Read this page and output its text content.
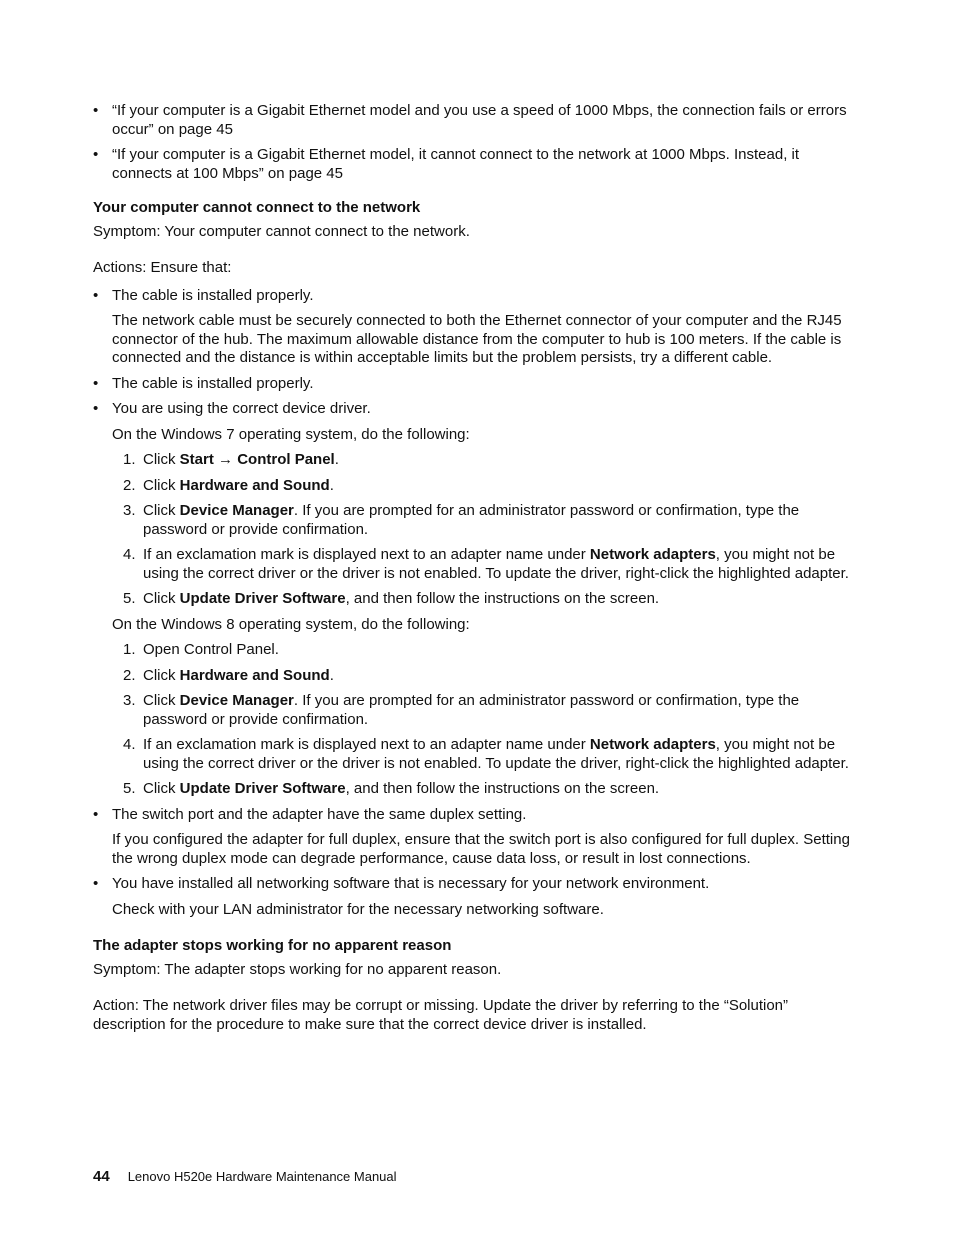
• “If your computer is a Gigabit Ethernet model and you use a speed of 1000 Mbps, the connection fails or errors occur” on page 45
• “If your computer is a Gigabit Ethernet model, it cannot connect to the network at 1000 Mbps. Instead, it connects at 100 Mbps” on page 45
Your computer cannot connect to the network
Symptom: Your computer cannot connect to the network.
Actions: Ensure that:
• The cable is installed properly.
The network cable must be securely connected to both the Ethernet connector of your computer and the RJ45 connector of the hub. The maximum allowable distance from the computer to hub is 100 meters. If the cable is connected and the distance is within acceptable limits but the problem persists, try a different cable.
• The cable is installed properly.
• You are using the correct device driver.
On the Windows 7 operating system, do the following:
1. Click Start → Control Panel.
2. Click Hardware and Sound.
3. Click Device Manager. If you are prompted for an administrator password or confirmation, type the password or provide confirmation.
4. If an exclamation mark is displayed next to an adapter name under Network adapters, you might not be using the correct driver or the driver is not enabled. To update the driver, right-click the highlighted adapter.
5. Click Update Driver Software, and then follow the instructions on the screen.
On the Windows 8 operating system, do the following:
1. Open Control Panel.
2. Click Hardware and Sound.
3. Click Device Manager. If you are prompted for an administrator password or confirmation, type the password or provide confirmation.
4. If an exclamation mark is displayed next to an adapter name under Network adapters, you might not be using the correct driver or the driver is not enabled. To update the driver, right-click the highlighted adapter.
5. Click Update Driver Software, and then follow the instructions on the screen.
• The switch port and the adapter have the same duplex setting.
If you configured the adapter for full duplex, ensure that the switch port is also configured for full duplex. Setting the wrong duplex mode can degrade performance, cause data loss, or result in lost connections.
• You have installed all networking software that is necessary for your network environment.
Check with your LAN administrator for the necessary networking software.
The adapter stops working for no apparent reason
Symptom: The adapter stops working for no apparent reason.
Action: The network driver files may be corrupt or missing. Update the driver by referring to the “Solution” description for the procedure to make sure that the correct device driver is installed.
44 Lenovo H520e Hardware Maintenance Manual
